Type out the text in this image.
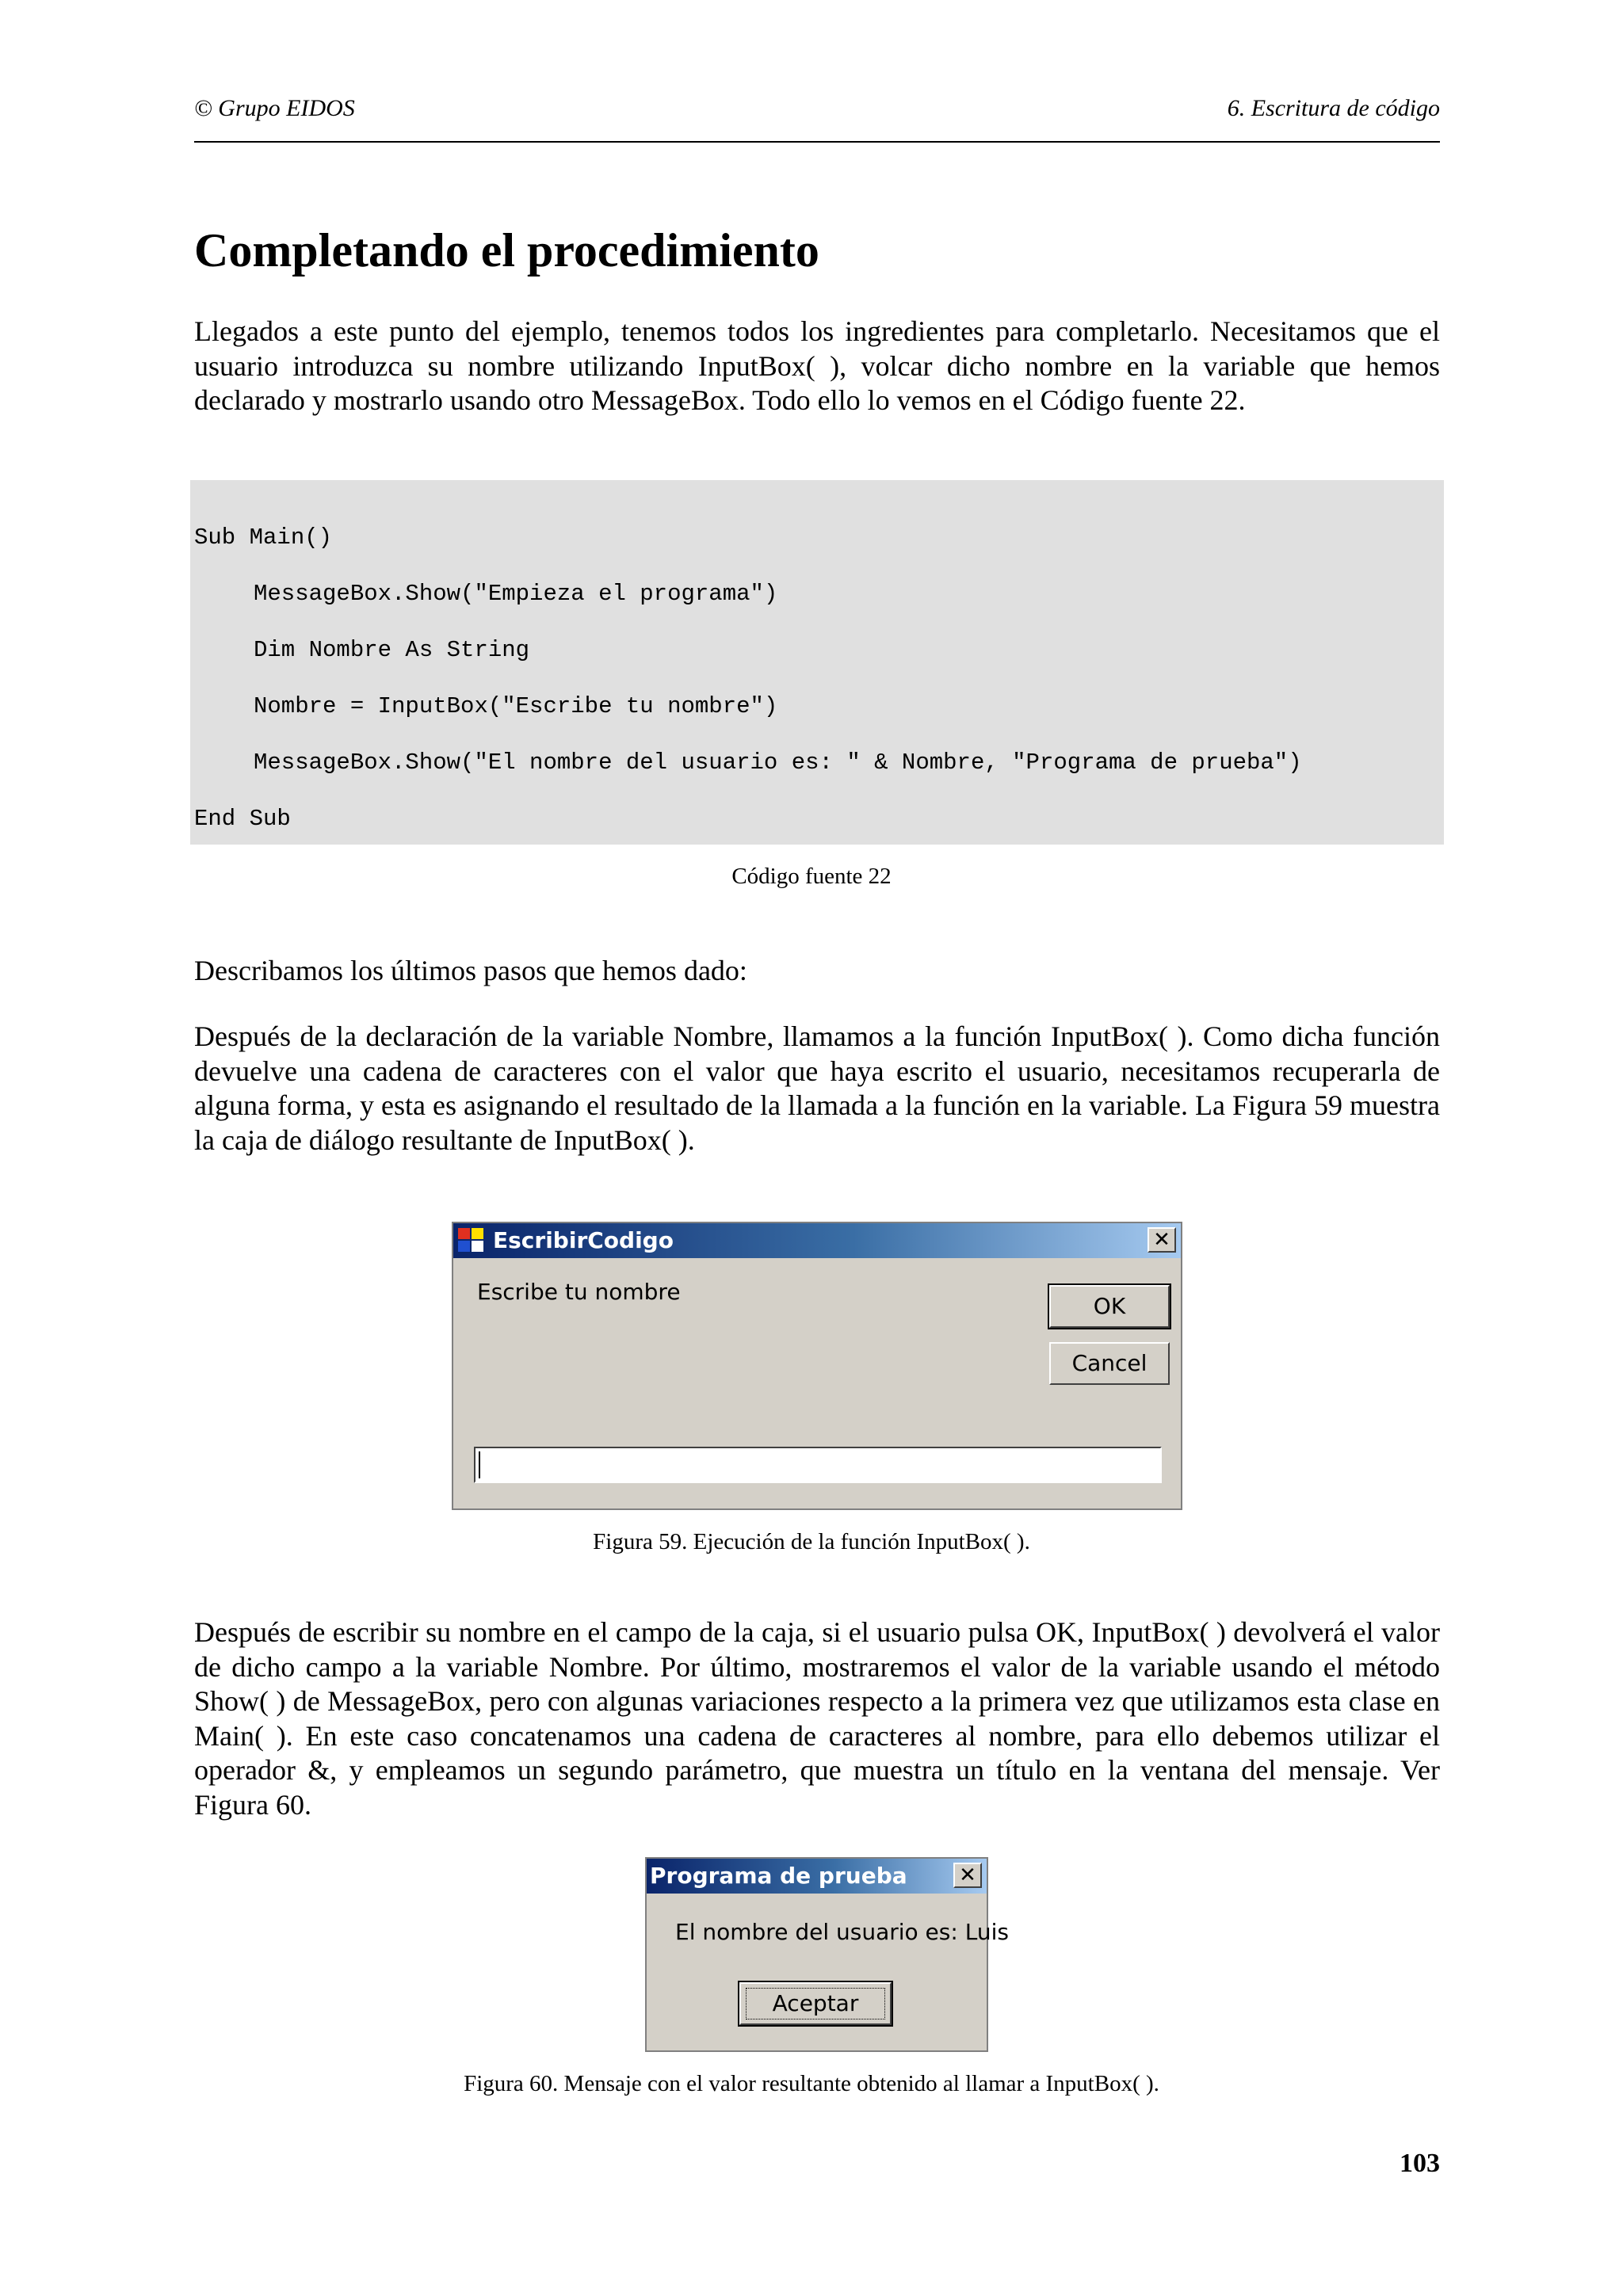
© Grupo EIDOS	6. Escritura de código
Completando el procedimiento

Llegados a este punto del ejemplo, tenemos todos los ingredientes para completarlo. Necesitamos que el usuario introduzca su nombre utilizando InputBox( ), volcar dicho nombre en la variable que hemos declarado y mostrarlo usando otro MessageBox. Todo ello lo vemos en el Código fuente 22.

Sub Main()
MessageBox.Show("Empieza el programa")
Dim Nombre As String
Nombre = InputBox("Escribe tu nombre")
MessageBox.Show("El nombre del usuario es: " & Nombre, "Programa de prueba")
End Sub
Código fuente 22

Describamos los últimos pasos que hemos dado:

Después de la declaración de la variable Nombre, llamamos a la función InputBox( ). Como dicha función devuelve una cadena de caracteres con el valor que haya escrito el usuario, necesitamos recuperarla de alguna forma, y esta es asignando el resultado de la llamada a la función en la variable. La Figura 59 muestra la caja de diálogo resultante de InputBox( ).

EscribirCodigo	✕
Escribe tu nombre
OK
Cancel
Figura 59. Ejecución de la función InputBox( ).

Después de escribir su nombre en el campo de la caja, si el usuario pulsa OK, InputBox( ) devolverá el valor de dicho campo a la variable Nombre. Por último, mostraremos el valor de la variable usando el método Show( ) de MessageBox, pero con algunas variaciones respecto a la primera vez que utilizamos esta clase en Main( ). En este caso concatenamos una cadena de caracteres al nombre, para ello debemos utilizar el operador &, y empleamos un segundo parámetro, que muestra un título en la ventana del mensaje. Ver Figura 60.

Programa de prueba	✕
El nombre del usuario es: Luis
Aceptar
Figura 60. Mensaje con el valor resultante obtenido al llamar a InputBox( ).
103
